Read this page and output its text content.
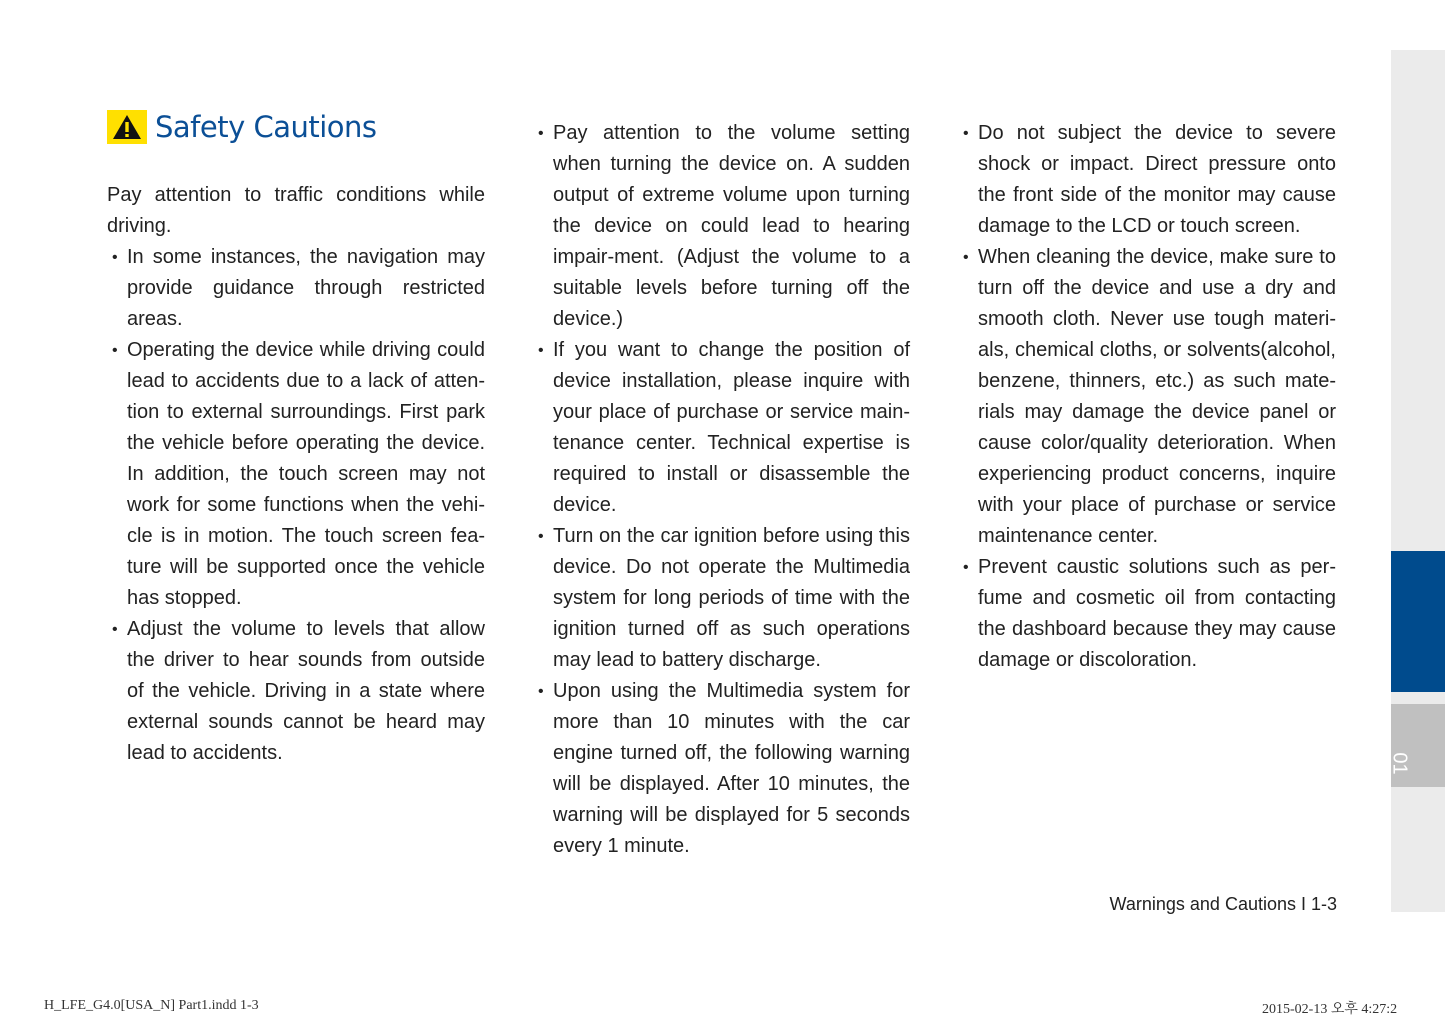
Safety Cautions

Pay attention to traffic conditions while driving.

• In some instances, the navigation may provide guidance through restricted areas.
• Operating the device while driving could lead to accidents due to a lack of atten-tion to external surroundings. First park the vehicle before operating the device. In addition, the touch screen may not work for some functions when the vehi-cle is in motion. The touch screen fea-ture will be supported once the vehicle has stopped.
• Adjust the volume to levels that allow the driver to hear sounds from outside of the vehicle. Driving in a state where external sounds cannot be heard may lead to accidents.
• Pay attention to the volume setting when turning the device on. A sudden output of extreme volume upon turning the device on could lead to hearing impair-ment. (Adjust the volume to a suitable levels before turning off the device.)
• If you want to change the position of device installation, please inquire with your place of purchase or service main-tenance center. Technical expertise is required to install or disassemble the device.
• Turn on the car ignition before using this device. Do not operate the Multimedia system for long periods of time with the ignition turned off as such operations may lead to battery discharge.
• Upon using the Multimedia system for more than 10 minutes with the car engine turned off, the following warning will be displayed. After 10 minutes, the warning will be displayed for 5 seconds every 1 minute.
• Do not subject the device to severe shock or impact. Direct pressure onto the front side of the monitor may cause damage to the LCD or touch screen.
• When cleaning the device, make sure to turn off the device and use a dry and smooth cloth. Never use tough materi-als, chemical cloths, or solvents(alcohol, benzene, thinners, etc.) as such mate-rials may damage the device panel or cause color/quality deterioration. When experiencing product concerns, inquire with your place of purchase or service maintenance center.
• Prevent caustic solutions such as per-fume and cosmetic oil from contacting the dashboard because they may cause damage or discoloration.
01
Warnings and Cautions I 1-3
H_LFE_G4.0[USA_N] Part1.indd 1-3	2015-02-13 오후 4:27:2
